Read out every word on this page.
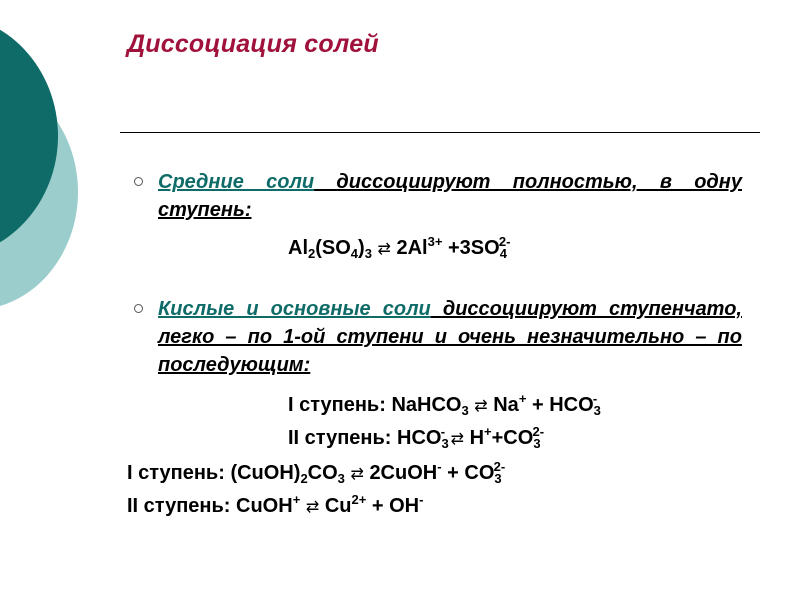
Диссоциация солей
Средние соли диссоциируют полностью, в одну ступень:
$Al_2(SO_4)_3$ ⇄ $2Al^{3+} +3SO_4^{2-}$
Кислые и основные соли диссоциируют ступенчато, легко – по 1-ой ступени и очень незначительно – по последующим:
I ступень: NaHCO$_3$ ⇄ $Na^+ + HCO_3^-$
II ступень: $HCO_3^-$ ⇄ $H^++CO_3^{2-}$
I ступень: $(CuOH)_2CO_3$ ⇄ 2CuOH- + $CO_3^{2-}$
II ступень: CuOH+ ⇄ $Cu^{2+} + OH^-$
